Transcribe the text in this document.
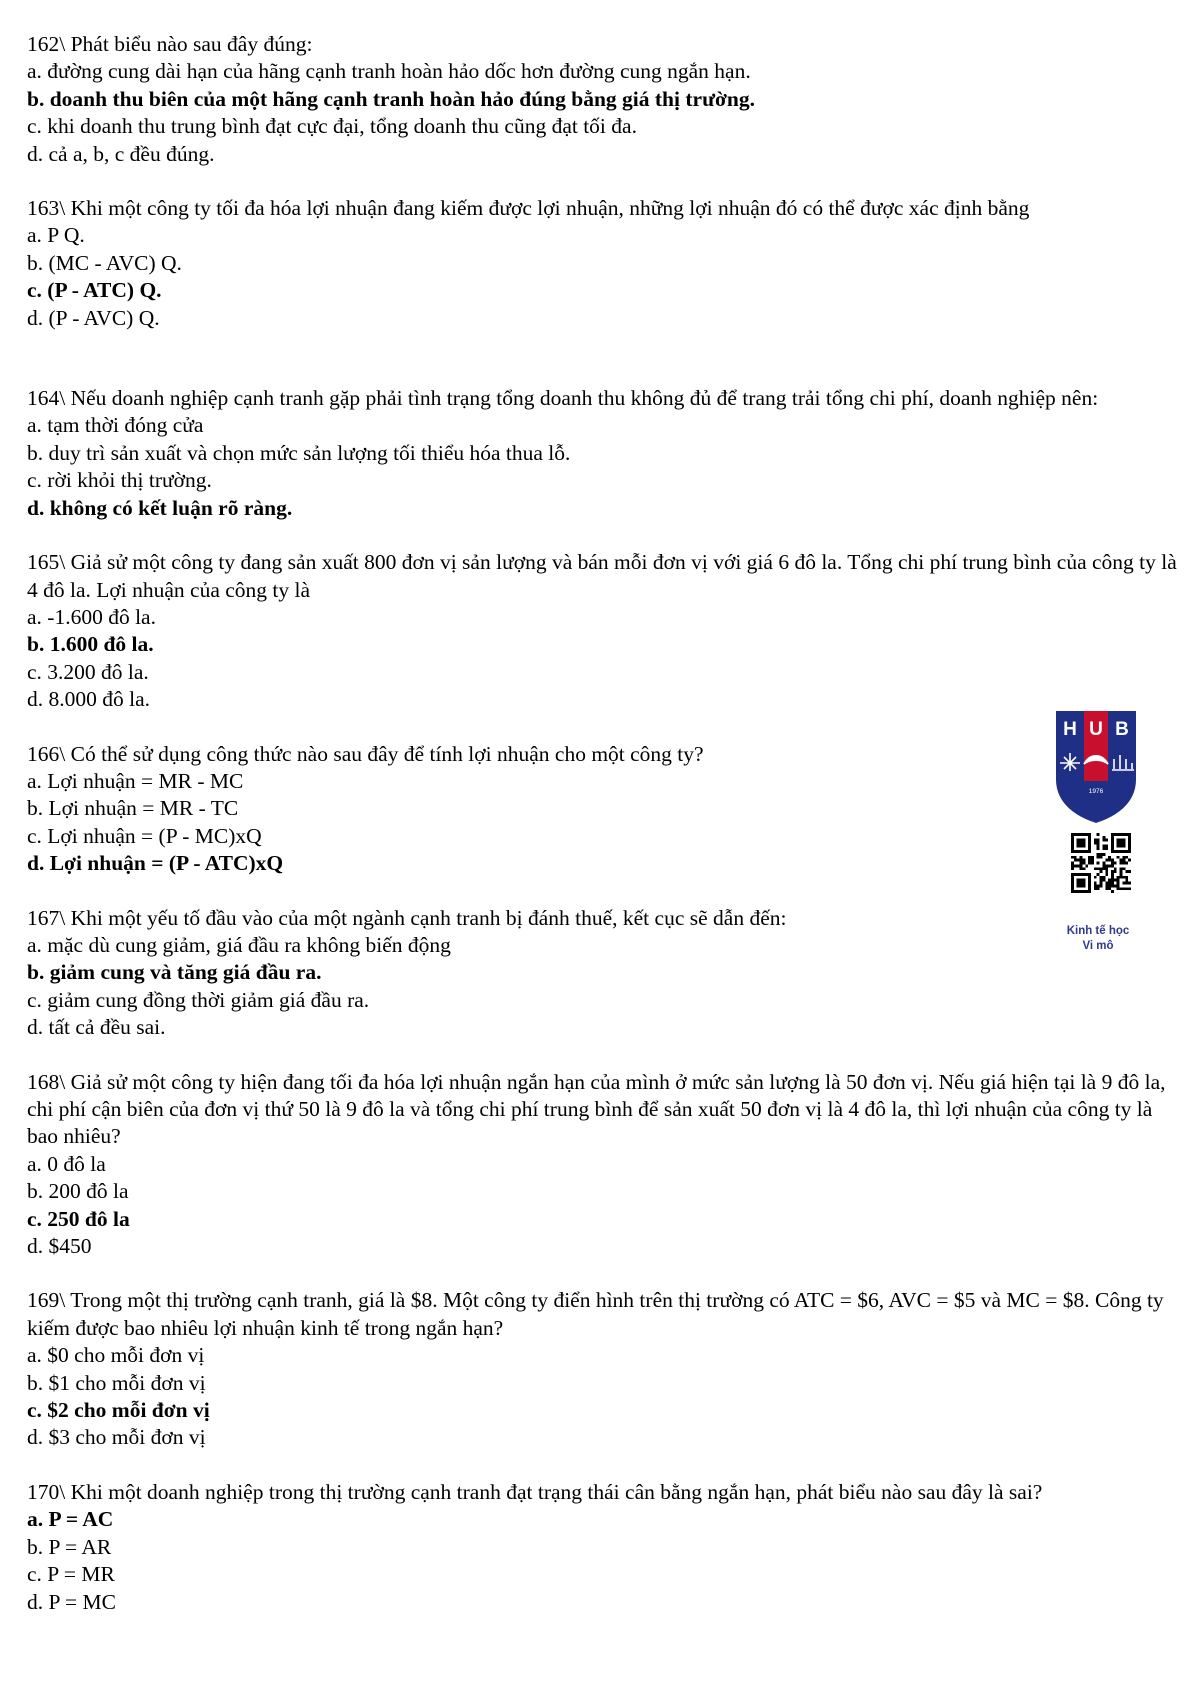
162\ Phát biểu nào sau đây đúng:
a. đường cung dài hạn của hãng cạnh tranh hoàn hảo dốc hơn đường cung ngắn hạn.
b. doanh thu biên của một hãng cạnh tranh hoàn hảo đúng bằng giá thị trường.
c. khi doanh thu trung bình đạt cực đại, tổng doanh thu cũng đạt tối đa.
d. cả a, b, c đều đúng.
163\ Khi một công ty tối đa hóa lợi nhuận đang kiếm được lợi nhuận, những lợi nhuận đó có thể được xác định bằng
a. P Q.
b. (MC - AVC) Q.
c. (P - ATC) Q.
d. (P - AVC) Q.
164\ Nếu doanh nghiệp cạnh tranh gặp phải tình trạng tổng doanh thu không đủ để trang trải tổng chi phí, doanh nghiệp nên:
a. tạm thời đóng cửa
b. duy trì sản xuất và chọn mức sản lượng tối thiểu hóa thua lỗ.
c. rời khỏi thị trường.
d. không có kết luận rõ ràng.
165\ Giả sử một công ty đang sản xuất 800 đơn vị sản lượng và bán mỗi đơn vị với giá 6 đô la. Tổng chi phí trung bình của công ty là 4 đô la. Lợi nhuận của công ty là
a. -1.600 đô la.
b. 1.600 đô la.
c. 3.200 đô la.
d. 8.000 đô la.
166\ Có thể sử dụng công thức nào sau đây để tính lợi nhuận cho một công ty?
a. Lợi nhuận = MR - MC
b. Lợi nhuận = MR - TC
c. Lợi nhuận = (P - MC)xQ
d. Lợi nhuận = (P - ATC)xQ
167\ Khi một yếu tố đầu vào của một ngành cạnh tranh bị đánh thuế, kết cục sẽ dẫn đến:
a. mặc dù cung giảm, giá đầu ra không biến động
b. giảm cung và tăng giá đầu ra.
c. giảm cung đồng thời giảm giá đầu ra.
d. tất cả đều sai.
168\ Giả sử một công ty hiện đang tối đa hóa lợi nhuận ngắn hạn của mình ở mức sản lượng là 50 đơn vị. Nếu giá hiện tại là 9 đô la, chi phí cận biên của đơn vị thứ 50 là 9 đô la và tổng chi phí trung bình để sản xuất 50 đơn vị là 4 đô la, thì lợi nhuận của công ty là bao nhiêu?
a. 0 đô la
b. 200 đô la
c. 250 đô la
d. $450
169\ Trong một thị trường cạnh tranh, giá là $8. Một công ty điển hình trên thị trường có ATC = $6, AVC = $5 và MC = $8. Công ty kiếm được bao nhiêu lợi nhuận kinh tế trong ngắn hạn?
a. $0 cho mỗi đơn vị
b. $1 cho mỗi đơn vị
c. $2 cho mỗi đơn vị
d. $3 cho mỗi đơn vị
170\ Khi một doanh nghiệp trong thị trường cạnh tranh đạt trạng thái cân bằng ngắn hạn, phát biểu nào sau đây là sai?
a. P = AC
b. P = AR
c. P = MR
d. P = MC
H U B
1976
Kinh tế học
Vi mô
